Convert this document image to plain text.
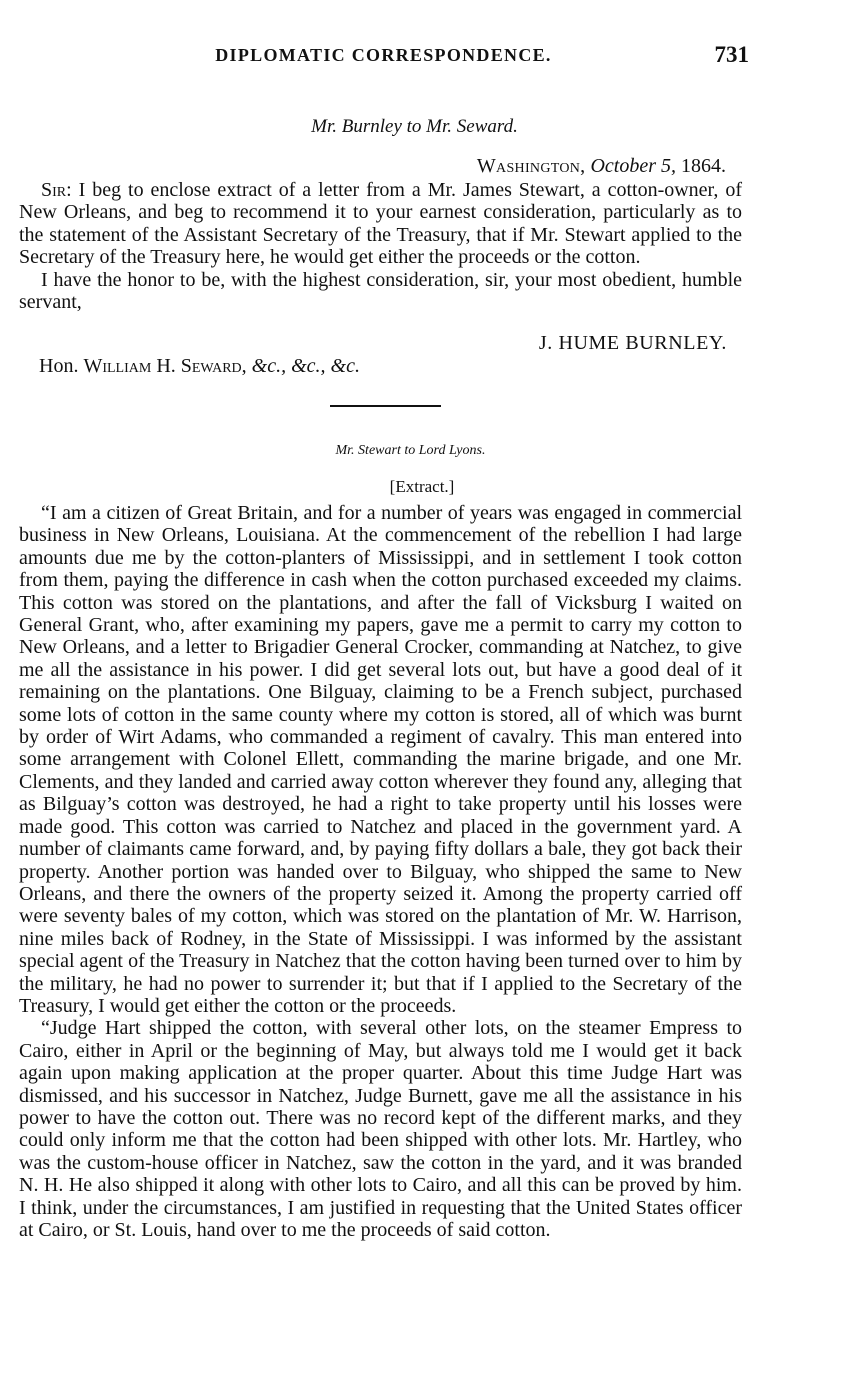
DIPLOMATIC CORRESPONDENCE.	731
Mr. Burnley to Mr. Seward.
Washington, October 5, 1864.

Sir: I beg to enclose extract of a letter from a Mr. James Stewart, a cotton-owner, of New Orleans, and beg to recommend it to your earnest consideration, particularly as to the statement of the Assistant Secretary of the Treasury, that if Mr. Stewart applied to the Secretary of the Treasury here, he would get either the proceeds or the cotton.

I have the honor to be, with the highest consideration, sir, your most obedient, humble servant,

J. HUME BURNLEY.
Hon. William H. Seward, &c., &c., &c.
Mr. Stewart to Lord Lyons.
[Extract.]

“I am a citizen of Great Britain, and for a number of years was engaged in commercial business in New Orleans, Louisiana. At the commencement of the rebellion I had large amounts due me by the cotton-planters of Mississippi, and in settlement I took cotton from them, paying the difference in cash when the cotton purchased exceeded my claims. This cotton was stored on the plantations, and after the fall of Vicksburg I waited on General Grant, who, after examining my papers, gave me a permit to carry my cotton to New Orleans, and a letter to Brigadier General Crocker, commanding at Natchez, to give me all the assistance in his power. I did get several lots out, but have a good deal of it remaining on the plantations. One Bilguay, claiming to be a French subject, purchased some lots of cotton in the same county where my cotton is stored, all of which was burnt by order of Wirt Adams, who commanded a regiment of cavalry. This man entered into some arrangement with Colonel Ellett, commanding the marine brigade, and one Mr. Clements, and they landed and carried away cotton wherever they found any, alleging that as Bilguay’s cotton was destroyed, he had a right to take property until his losses were made good. This cotton was carried to Natchez and placed in the government yard. A number of claimants came forward, and, by paying fifty dollars a bale, they got back their property. Another portion was handed over to Bilguay, who shipped the same to New Orleans, and there the owners of the property seized it. Among the property carried off were seventy bales of my cotton, which was stored on the plantation of Mr. W. Harrison, nine miles back of Rodney, in the State of Mississippi. I was informed by the assistant special agent of the Treasury in Natchez that the cotton having been turned over to him by the military, he had no power to surrender it; but that if I applied to the Secretary of the Treasury, I would get either the cotton or the proceeds.

“Judge Hart shipped the cotton, with several other lots, on the steamer Empress to Cairo, either in April or the beginning of May, but always told me I would get it back again upon making application at the proper quarter. About this time Judge Hart was dismissed, and his successor in Natchez, Judge Burnett, gave me all the assistance in his power to have the cotton out. There was no record kept of the different marks, and they could only inform me that the cotton had been shipped with other lots. Mr. Hartley, who was the custom-house officer in Natchez, saw the cotton in the yard, and it was branded N. H. He also shipped it along with other lots to Cairo, and all this can be proved by him. I think, under the circumstances, I am justified in requesting that the United States officer at Cairo, or St. Louis, hand over to me the proceeds of said cotton.
